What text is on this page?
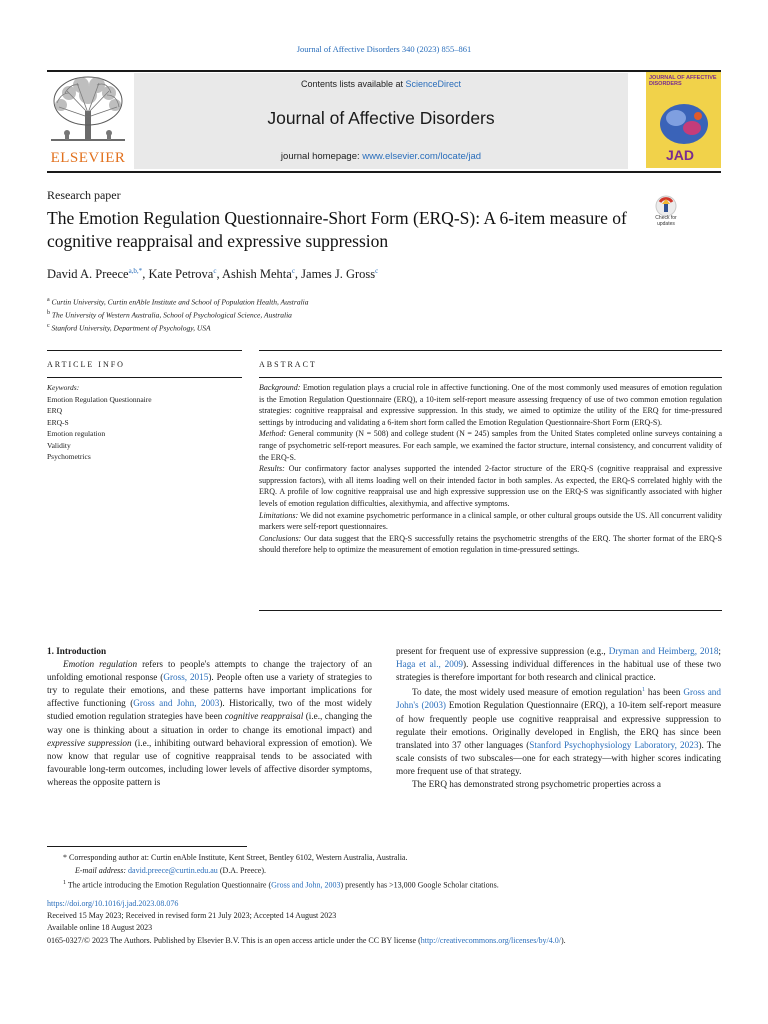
Journal of Affective Disorders 340 (2023) 855–861
ELSEVIER
Contents lists available at ScienceDirect
Journal of Affective Disorders
journal homepage: www.elsevier.com/locate/jad
JOURNAL OF AFFECTIVE DISORDERS
JAD
Research paper
The Emotion Regulation Questionnaire-Short Form (ERQ-S): A 6-item measure of cognitive reappraisal and expressive suppression
Check for updates
David A. Preece$^{a,b,*}$, Kate Petrova$^c$, Ashish Mehta$^c$, James J. Gross$^c$
$^a$ Curtin University, Curtin enAble Institute and School of Population Health, Australia
$^b$ The University of Western Australia, School of Psychological Science, Australia
$^c$ Stanford University, Department of Psychology, USA
ARTICLE INFO	ABSTRACT
Keywords:
Emotion Regulation Questionnaire
ERQ
ERQ-S
Emotion regulation
Validity
Psychometrics

Background: Emotion regulation plays a crucial role in affective functioning. One of the most commonly used measures of emotion regulation is the Emotion Regulation Questionnaire (ERQ), a 10-item self-report measure assessing frequency of use of two common emotion regulation strategies: cognitive reappraisal and expressive suppression. In this study, we aimed to optimize the utility of the ERQ for time-pressured settings by introducing and validating a 6-item short form called the Emotion Regulation Questionnaire-Short Form (ERQ-S).

Method: General community (N = 508) and college student (N = 245) samples from the United States completed online surveys containing a range of psychometric self-report measures. For each sample, we examined the factor structure, internal consistency, and concurrent validity of the ERQ-S.

Results: Our confirmatory factor analyses supported the intended 2-factor structure of the ERQ-S (cognitive reappraisal and expressive suppression factors), with all items loading well on their intended factor in both samples. As expected, the ERQ-S correlated highly with the ERQ. A profile of low cognitive reappraisal use and high expressive suppression use on the ERQ-S was significantly associated with higher levels of emotion regulation difficulties, alexithymia, and affective symptoms.

Limitations: We did not examine psychometric performance in a clinical sample, or other cultural groups outside the US. All concurrent validity markers were self-report questionnaires.

Conclusions: Our data suggest that the ERQ-S successfully retains the psychometric strengths of the ERQ. The shorter format of the ERQ-S should therefore help to optimize the measurement of emotion regulation in time-pressured settings.

1. Introduction

Emotion regulation refers to people's attempts to change the trajectory of an unfolding emotional response (Gross, 2015). People often use a variety of strategies to try to regulate their emotions, and these patterns have important implications for affective functioning (Gross and John, 2003). Historically, two of the most widely studied emotion regulation strategies have been cognitive reappraisal (i.e., changing the way one is thinking about a situation in order to change its emotional impact) and expressive suppression (i.e., inhibiting outward behavioral expression of emotion). We now know that regular use of cognitive reappraisal tends to be associated with favourable long-term outcomes, including lower levels of affective disorder symptoms, whereas the opposite pattern is

present for frequent use of expressive suppression (e.g., Dryman and Heimberg, 2018; Haga et al., 2009). Assessing individual differences in the habitual use of these two strategies is therefore important for both research and clinical practice.

To date, the most widely used measure of emotion regulation$^1$ has been Gross and John's (2003) Emotion Regulation Questionnaire (ERQ), a 10-item self-report measure of how frequently people use cognitive reappraisal and expressive suppression to regulate their emotions. Originally developed in English, the ERQ has since been translated into 37 other languages (Stanford Psychophysiology Laboratory, 2023). The scale consists of two subscales—one for each strategy—with higher scores indicating more frequent use of that strategy.

The ERQ has demonstrated strong psychometric properties across a

* Corresponding author at: Curtin enAble Institute, Kent Street, Bentley 6102, Western Australia, Australia.
E-mail address: david.preece@curtin.edu.au (D.A. Preece).
$^1$ The article introducing the Emotion Regulation Questionnaire (Gross and John, 2003) presently has >13,000 Google Scholar citations.
https://doi.org/10.1016/j.jad.2023.08.076
Received 15 May 2023; Received in revised form 21 July 2023; Accepted 14 August 2023
Available online 18 August 2023
0165-0327/© 2023 The Authors. Published by Elsevier B.V. This is an open access article under the CC BY license (http://creativecommons.org/licenses/by/4.0/).
